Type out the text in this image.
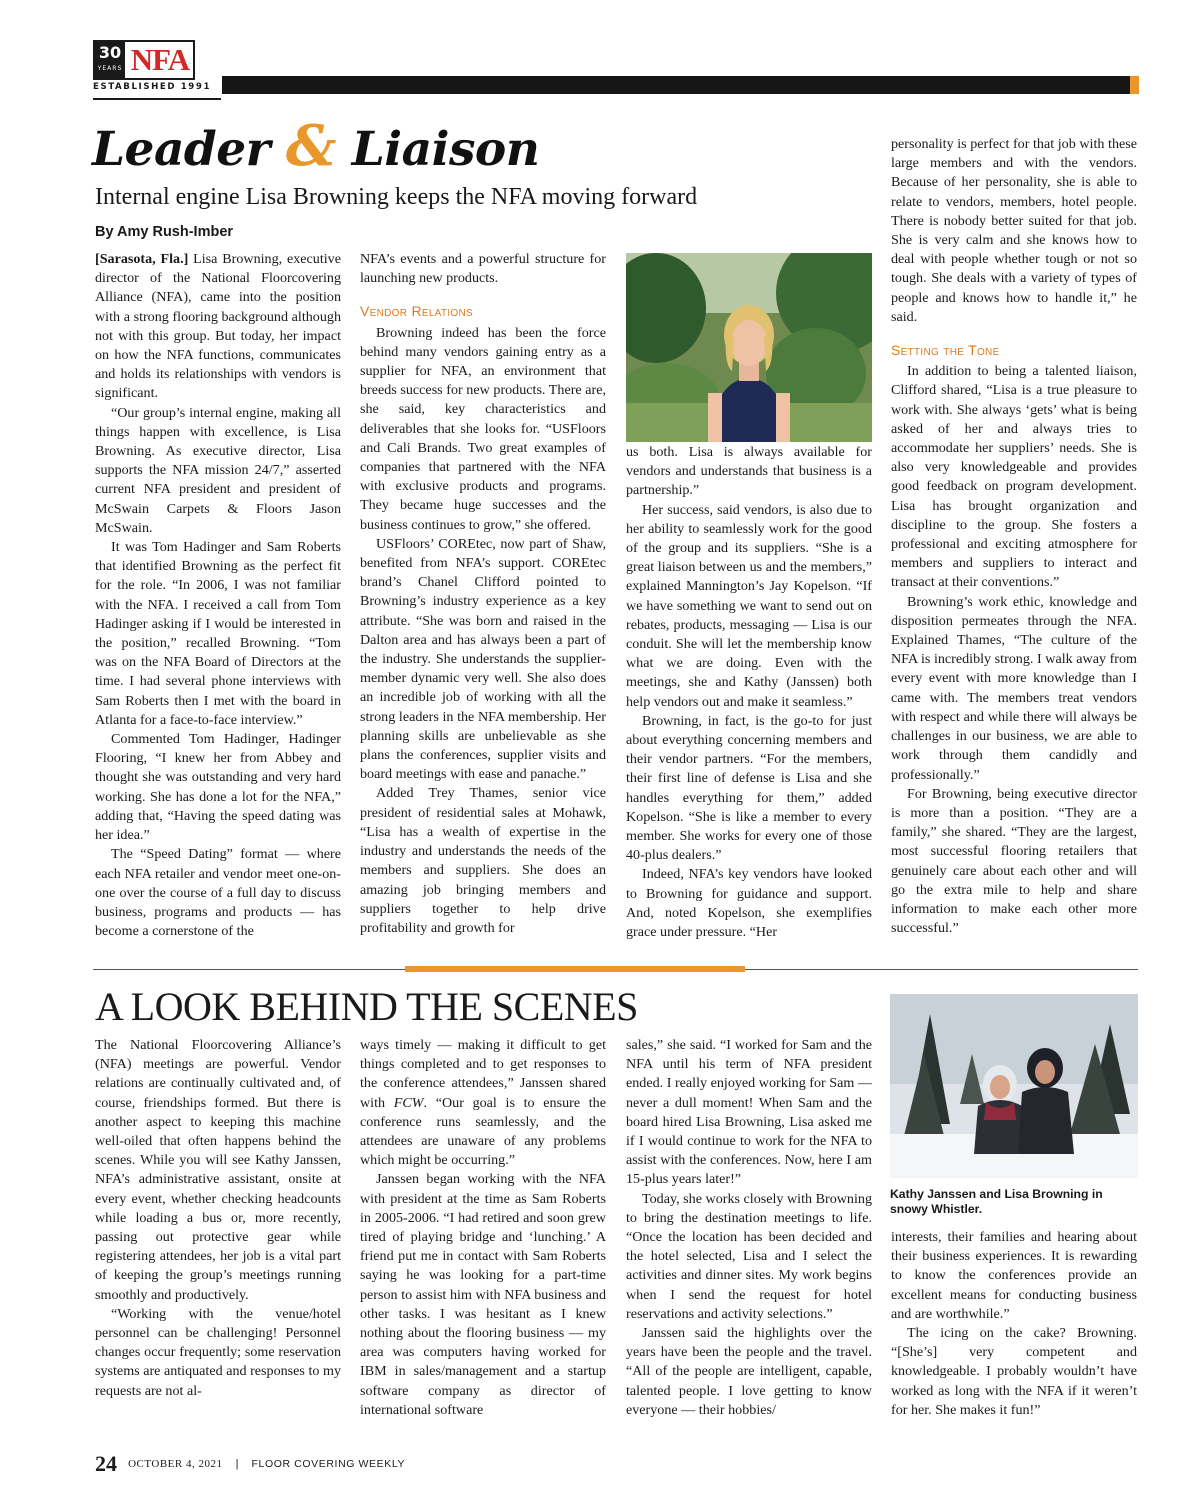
30
YEARS NFA
ESTABLISHED 1991
Leader & Liaison
Internal engine Lisa Browning keeps the NFA moving forward
By Amy Rush-Imber

[Sarasota, Fla.] Lisa Browning, executive director of the National Floorcovering Alliance (NFA), came into the position with a strong flooring background although not with this group. But today, her impact on how the NFA functions, communicates and holds its relationships with vendors is significant.

“Our group’s internal engine, making all things happen with excellence, is Lisa Browning. As executive director, Lisa supports the NFA mission 24/7,” asserted current NFA president and president of McSwain Carpets & Floors Jason McSwain.

It was Tom Hadinger and Sam Roberts that identified Browning as the perfect fit for the role. “In 2006, I was not familiar with the NFA. I received a call from Tom Hadinger asking if I would be interested in the position,” recalled Browning. “Tom was on the NFA Board of Directors at the time. I had several phone interviews with Sam Roberts then I met with the board in Atlanta for a face-to-face interview.”

Commented Tom Hadinger, Hadinger Flooring, “I knew her from Abbey and thought she was outstanding and very hard working. She has done a lot for the NFA,” adding that, “Having the speed dating was her idea.”

The “Speed Dating” format — where each NFA retailer and vendor meet one-on-one over the course of a full day to discuss business, programs and products — has become a cornerstone of the

NFA’s events and a powerful structure for launching new products.

Vendor Relations

Browning indeed has been the force behind many vendors gaining entry as a supplier for NFA, an environment that breeds success for new products. There are, she said, key characteristics and deliverables that she looks for. “USFloors and Cali Brands. Two great examples of companies that partnered with the NFA with exclusive products and programs. They became huge successes and the business continues to grow,” she offered.

USFloors’ COREtec, now part of Shaw, benefited from NFA’s support. COREtec brand’s Chanel Clifford pointed to Browning’s industry experience as a key attribute. “She was born and raised in the Dalton area and has always been a part of the industry. She understands the supplier-member dynamic very well. She also does an incredible job of working with all the strong leaders in the NFA membership. Her planning skills are unbelievable as she plans the conferences, supplier visits and board meetings with ease and panache.”

Added Trey Thames, senior vice president of residential sales at Mohawk, “Lisa has a wealth of expertise in the industry and understands the needs of the members and suppliers. She does an amazing job bringing members and suppliers together to help drive profitability and growth for

us both. Lisa is always available for vendors and understands that business is a partnership.”

Her success, said vendors, is also due to her ability to seamlessly work for the good of the group and its suppliers. “She is a great liaison between us and the members,” explained Mannington’s Jay Kopelson. “If we have something we want to send out on rebates, products, messaging — Lisa is our conduit. She will let the membership know what we are doing. Even with the meetings, she and Kathy (Janssen) both help vendors out and make it seamless.”

Browning, in fact, is the go-to for just about everything concerning members and their vendor partners. “For the members, their first line of defense is Lisa and she handles everything for them,” added Kopelson. “She is like a member to every member. She works for every one of those 40-plus dealers.”

Indeed, NFA’s key vendors have looked to Browning for guidance and support. And, noted Kopelson, she exemplifies grace under pressure. “Her

personality is perfect for that job with these large members and with the vendors. Because of her personality, she is able to relate to vendors, members, hotel people. There is nobody better suited for that job. She is very calm and she knows how to deal with people whether tough or not so tough. She deals with a variety of types of people and knows how to handle it,” he said.

Setting the Tone

In addition to being a talented liaison, Clifford shared, “Lisa is a true pleasure to work with. She always ‘gets’ what is being asked of her and always tries to accommodate her suppliers’ needs. She is also very knowledgeable and provides good feedback on program development. Lisa has brought organization and discipline to the group. She fosters a professional and exciting atmosphere for members and suppliers to interact and transact at their conventions.”

Browning’s work ethic, knowledge and disposition permeates through the NFA. Explained Thames, “The culture of the NFA is incredibly strong. I walk away from every event with more knowledge than I came with. The members treat vendors with respect and while there will always be challenges in our business, we are able to work through them candidly and professionally.”

For Browning, being executive director is more than a position. “They are a family,” she shared. “They are the largest, most successful flooring retailers that genuinely care about each other and will go the extra mile to help and share information to make each other more successful.”

A LOOK BEHIND THE SCENES

The National Floorcovering Alliance’s (NFA) meetings are powerful. Vendor relations are continually cultivated and, of course, friendships formed. But there is another aspect to keeping this machine well-oiled that often happens behind the scenes. While you will see Kathy Janssen, NFA’s administrative assistant, onsite at every event, whether checking headcounts while loading a bus or, more recently, passing out protective gear while registering attendees, her job is a vital part of keeping the group’s meetings running smoothly and productively.

“Working with the venue/hotel personnel can be challenging! Personnel changes occur frequently; some reservation systems are antiquated and responses to my requests are not al-

ways timely — making it difficult to get things completed and to get responses to the conference attendees,” Janssen shared with FCW. “Our goal is to ensure the conference runs seamlessly, and the attendees are unaware of any problems which might be occurring.”

Janssen began working with the NFA with president at the time as Sam Roberts in 2005-2006. “I had retired and soon grew tired of playing bridge and ‘lunching.’ A friend put me in contact with Sam Roberts saying he was looking for a part-time person to assist him with NFA business and other tasks. I was hesitant as I knew nothing about the flooring business — my area was computers having worked for IBM in sales/management and a startup software company as director of international software

sales,” she said. “I worked for Sam and the NFA until his term of NFA president ended. I really enjoyed working for Sam — never a dull moment! When Sam and the board hired Lisa Browning, Lisa asked me if I would continue to work for the NFA to assist with the conferences. Now, here I am 15-plus years later!”

Today, she works closely with Browning to bring the destination meetings to life. “Once the location has been decided and the hotel selected, Lisa and I select the activities and dinner sites. My work begins when I send the request for hotel reservations and activity selections.”

Janssen said the highlights over the years have been the people and the travel. “All of the people are intelligent, capable, talented people. I love getting to know everyone — their hobbies/

Kathy Janssen and Lisa Browning in snowy Whistler.

interests, their families and hearing about their business experiences. It is rewarding to know the conferences provide an excellent means for conducting business and are worthwhile.”

The icing on the cake? Browning. “[She’s] very competent and knowledgeable. I probably wouldn’t have worked as long with the NFA if it weren’t for her. She makes it fun!”

24 OCTOBER 4, 2021 | FLOOR COVERING WEEKLY
